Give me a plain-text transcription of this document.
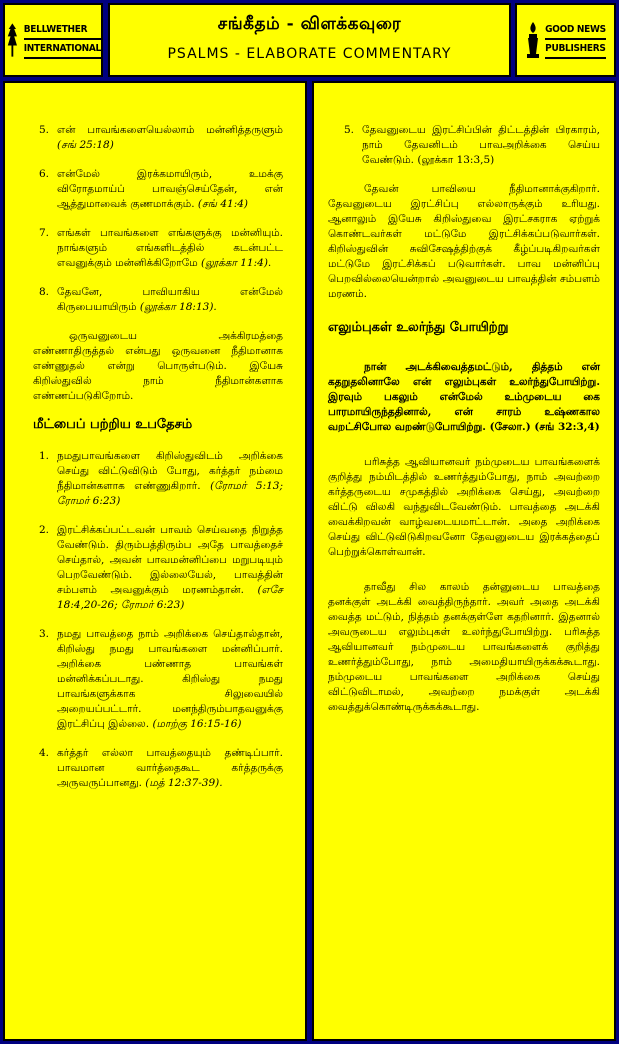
BELLWETHER
INTERNATIONAL
சங்கீதம் - விளக்கவுரை
PSALMS - ELABORATE COMMENTARY
GOOD NEWS
PUBLISHERS
5. என் பாவங்களையெல்லாம் மன்னித்தருளும் (சங் 25:18)
6. என்மேல் இரக்கமாயிரும், உமக்கு விரோதமாய்ப் பாவஞ்செய்தேன், என் ஆத்துமாவைக் குணமாக்கும். (சங் 41:4)
7. எங்கள் பாவங்களை எங்களுக்கு மன்னியும். நாங்களும் எங்களிடத்தில் கடன்பட்ட எவனுக்கும் மன்னிக்கிறோமே (லூக்கா 11:4).
8. தேவனே, பாவியாகிய என்மேல் கிருபையாயிரும் (லூக்கா 18:13).

ஒருவனுடைய அக்கிரமத்தை எண்ணாதிருத்தல் என்பது ஒருவனை நீதிமானாக எண்ணுதல் என்று பொருள்படும். இயேசு கிறிஸ்துவில் நாம் நீதிமான்களாக எண்ணப்படுகிறோம்.

மீட்பைப் பற்றிய உபதேசம்
1. நமதுபாவங்களை கிறிஸ்துவிடம் அறிக்கை செய்து விட்டுவிடும் போது, கர்த்தர் நம்மை நீதிமான்களாக எண்ணுகிறார். (ரோமர் 5:13; ரோமர் 6:23)
2. இரட்சிக்கப்பட்டவன் பாவம் செய்வதை நிறுத்த வேண்டும். திரும்பத்திரும்ப அதே பாவத்தைச் செய்தால், அவன் பாவமன்னிப்பை மறுபடியும் பெறவேண்டும். இல்லையேல், பாவத்தின் சம்பளம் அவனுக்கும் மரணம்தான். (எசே 18:4,20-26; ரோமர் 6:23)
3. நமது பாவத்தை நாம் அறிக்கை செய்தால்தான், கிறிஸ்து நமது பாவங்களை மன்னிப்பார். அறிக்கை பண்ணாத பாவங்கள் மன்னிக்கப்படாது. கிறிஸ்து நமது பாவங்களுக்காக சிலுவையில் அறையப்பட்டார். மனந்திரும்பாதவனுக்கு இரட்சிப்பு இல்லை. (மாற்கு 16:15-16)
4. கர்த்தர் எல்லா பாவத்தையும் தண்டிப்பார். பாவமான வார்த்தைகூட கர்த்தருக்கு அருவருப்பானது. (மத் 12:37-39).
5. தேவனுடைய இரட்சிப்பின் திட்டத்தின் பிரகாரம், நாம் தேவனிடம் பாவஅறிக்கை செய்ய வேண்டும். (லூக்கா 13:3,5)

தேவன் பாவியை நீதிமானாக்குகிறார். தேவனுடைய இரட்சிப்பு எல்லாருக்கும் உரியது. ஆனாலும் இயேசு கிறிஸ்துவை இரட்சகராக ஏற்றுக் கொண்டவர்கள் மட்டுமே இரட்சிக்கப்படுவார்கள். கிறிஸ்துவின் சுவிசேஷத்திற்குக் கீழ்ப்படிகிறவர்கள் மட்டுமே இரட்சிக்கப் படுவார்கள். பாவ மன்னிப்பு பெறவில்லையென்றால் அவனுடைய பாவத்தின் சம்பளம் மரணம்.

எலும்புகள் உலர்ந்து போயிற்று

நான் அடக்கிவைத்தமட்டும், தித்தம் என் கதறுதலினாலே என் எலும்புகள் உலர்ந்துபோயிற்று. இரவும் பகலும் என்மேல் உம்முடைய கை பாரமாயிருந்ததினால், என் சாரம் உஷ்ணகால வறட்சிபோல வறண்டுபோயிற்று. (சேலா.) (சங் 32:3,4)

பரிசுத்த ஆவியானவர் நம்முடைய பாவங்களைக் குறித்து நம்மிடத்தில் உணர்த்தும்போது, நாம் அவற்றை கர்த்தருடைய சமுகத்தில் அறிக்கை செய்து, அவற்றை விட்டு விலகி வந்துவிடவேண்டும். பாவத்தை அடக்கி வைக்கிறவன் வாழ்வடையமாட்டான். அதை அறிக்கை செய்து விட்டுவிடுகிறவனோ தேவனுடைய இரக்கத்தைப் பெற்றுக்கொள்வான்.

தாவீது சில காலம் தன்னுடைய பாவத்தை தனக்குள் அடக்கி வைத்திருந்தார். அவர் அதை அடக்கி வைத்த மட்டும், நித்தம் தனக்குள்ளே கதறினார். இதனால் அவருடைய எலும்புகள் உலர்ந்துபோயிற்று. பரிசுத்த ஆவியானவர் நம்முடைய பாவங்களைக் குறித்து உணர்த்தும்போது, நாம் அமைதியாயிருக்கக்கூடாது. நம்முடைய பாவங்களை அறிக்கை செய்து விட்டுவிடாமல், அவற்றை நமக்குள் அடக்கி வைத்துக்கொண்டிருக்கக்கூடாது.
